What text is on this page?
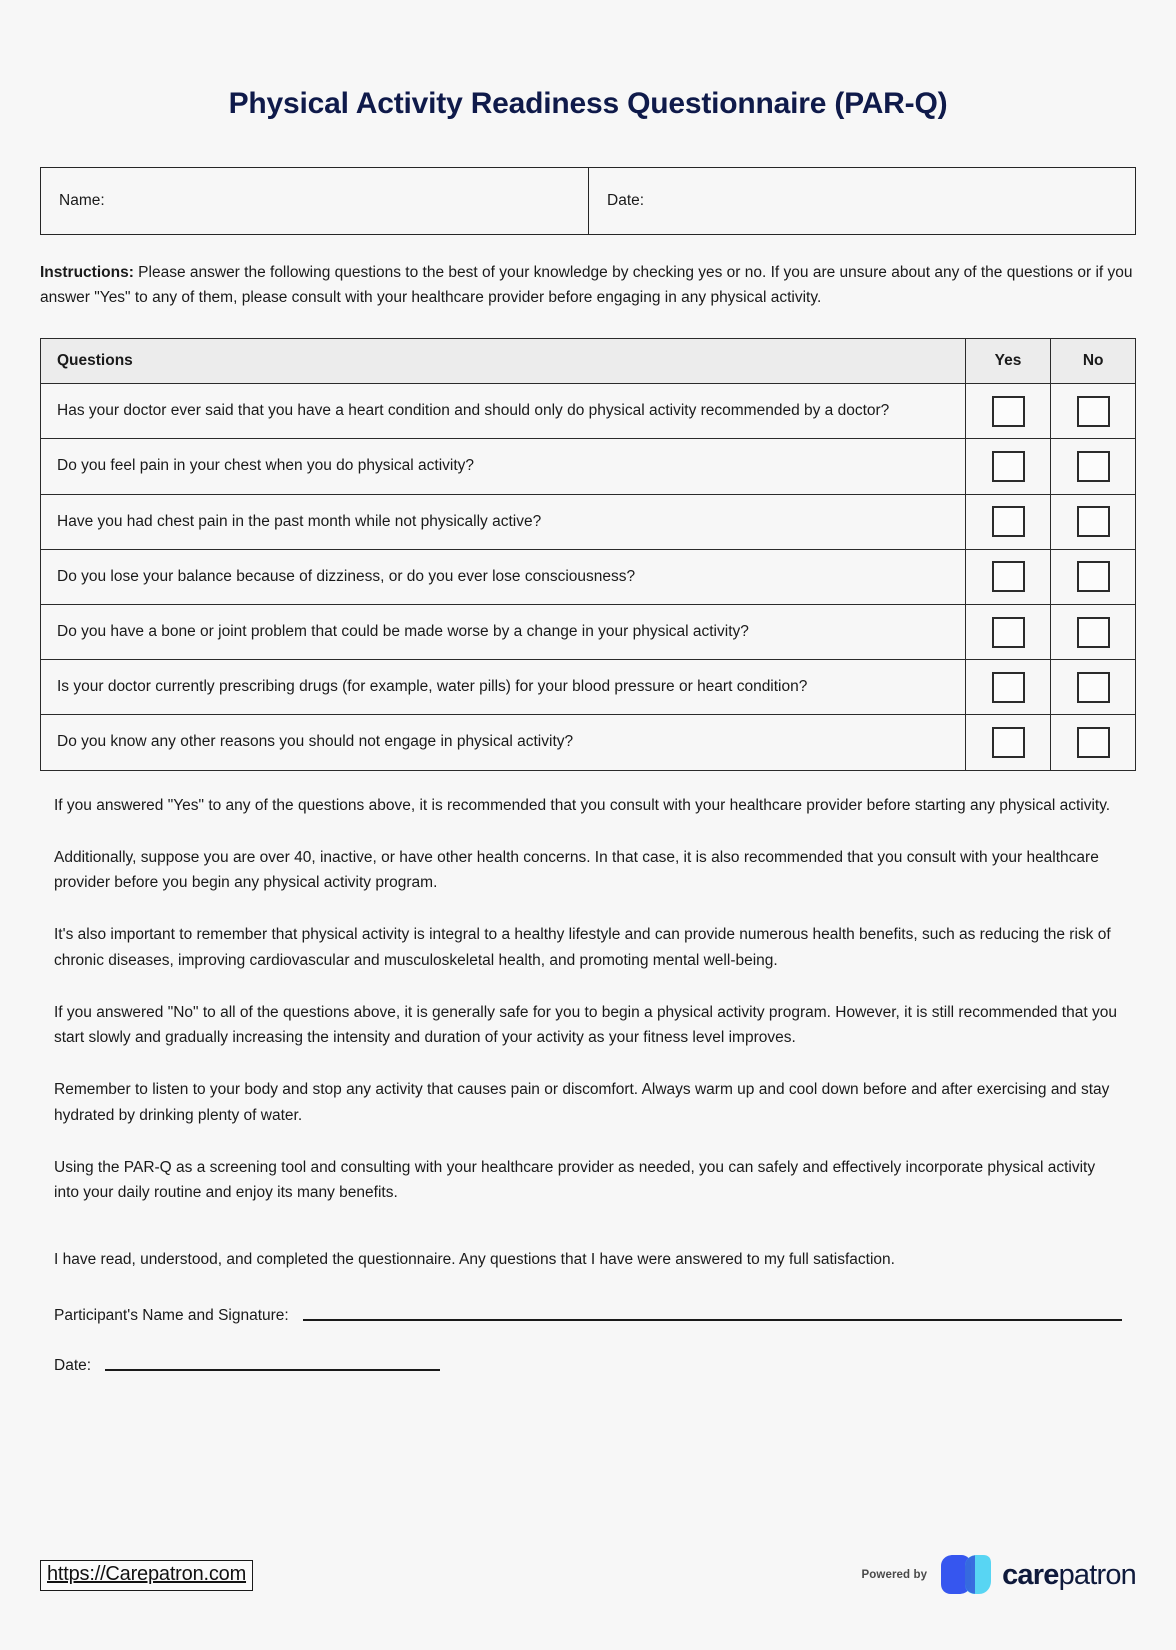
Physical Activity Readiness Questionnaire (PAR-Q)
Name:	Date:

Instructions: Please answer the following questions to the best of your knowledge by checking yes or no. If you are unsure about any of the questions or if you answer "Yes" to any of them, please consult with your healthcare provider before engaging in any physical activity.

Questions	Yes	No
Has your doctor ever said that you have a heart condition and should only do physical activity recommended by a doctor?		
Do you feel pain in your chest when you do physical activity?		
Have you had chest pain in the past month while not physically active?		
Do you lose your balance because of dizziness, or do you ever lose consciousness?		
Do you have a bone or joint problem that could be made worse by a change in your physical activity?		
Is your doctor currently prescribing drugs (for example, water pills) for your blood pressure or heart condition?		
Do you know any other reasons you should not engage in physical activity?		

If you answered "Yes" to any of the questions above, it is recommended that you consult with your healthcare provider before starting any physical activity.

Additionally, suppose you are over 40, inactive, or have other health concerns. In that case, it is also recommended that you consult with your healthcare provider before you begin any physical activity program.

It's also important to remember that physical activity is integral to a healthy lifestyle and can provide numerous health benefits, such as reducing the risk of chronic diseases, improving cardiovascular and musculoskeletal health, and promoting mental well-being.

If you answered "No" to all of the questions above, it is generally safe for you to begin a physical activity program. However, it is still recommended that you start slowly and gradually increasing the intensity and duration of your activity as your fitness level improves.

Remember to listen to your body and stop any activity that causes pain or discomfort. Always warm up and cool down before and after exercising and stay hydrated by drinking plenty of water.

Using the PAR-Q as a screening tool and consulting with your healthcare provider as needed, you can safely and effectively incorporate physical activity into your daily routine and enjoy its many benefits.

I have read, understood, and completed the questionnaire. Any questions that I have were answered to my full satisfaction.
Participant's Name and Signature:
Date:
https://Carepatron.com	Powered by	carepatron
